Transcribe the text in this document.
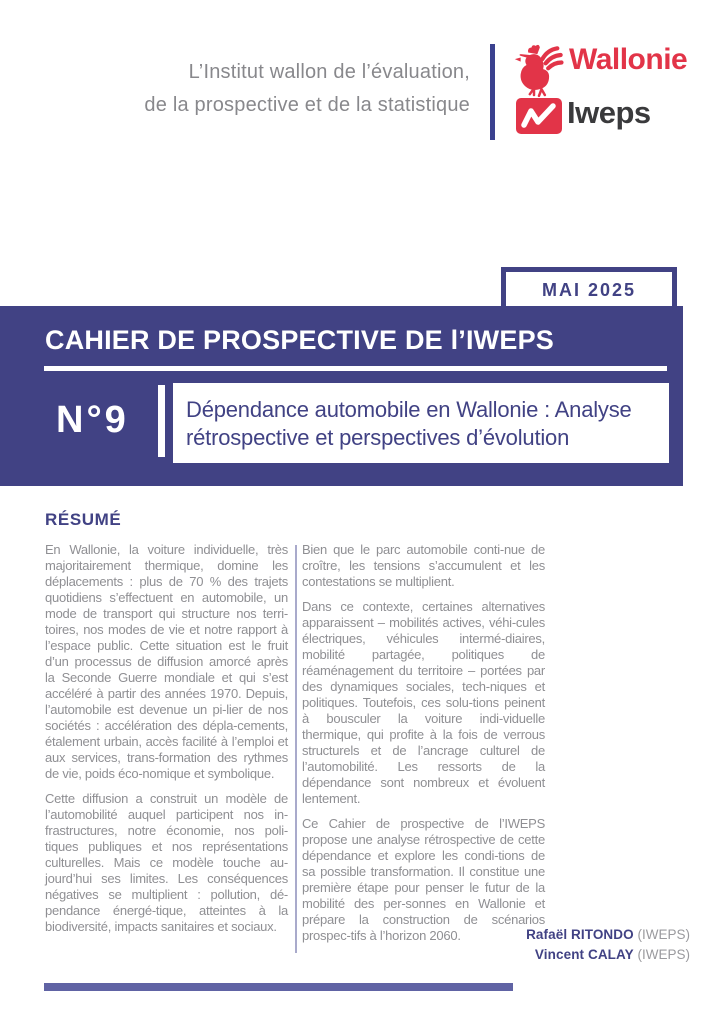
L’Institut wallon de l’évaluation,
de la prospective et de la statistique
Wallonie
Iweps
MAI 2025
CAHIER DE PROSPECTIVE DE l’IWEPS
N°9	Dépendance automobile en Wallonie : Analyse
rétrospective et perspectives d’évolution
RÉSUMÉ

En Wallonie, la voiture individuelle, très majoritairement thermique, domine les déplacements : plus de 70 % des trajets quotidiens s’effectuent en automobile, un mode de transport qui structure nos terri-toires, nos modes de vie et notre rapport à l’espace public. Cette situation est le fruit d’un processus de diffusion amorcé après la Seconde Guerre mondiale et qui s’est accéléré à partir des années 1970. Depuis, l’automobile est devenue un pi-lier de nos sociétés : accélération des dépla-cements, étalement urbain, accès facilité à l’emploi et aux services, trans-formation des rythmes de vie, poids éco-nomique et symbolique.

Cette diffusion a construit un modèle de l’automobilité auquel participent nos in-frastructures, notre économie, nos poli-tiques publiques et nos représentations culturelles. Mais ce modèle touche au-jourd’hui ses limites. Les conséquences négatives se multiplient : pollution, dé-pendance énergé-tique, atteintes à la biodiversité, impacts sanitaires et sociaux.

Bien que le parc automobile conti-nue de croître, les tensions s’accumulent et les contestations se multiplient.

Dans ce contexte, certaines alternatives apparaissent – mobilités actives, véhi-cules électriques, véhicules intermé-diaires, mobilité partagée, politiques de réaménagement du territoire – portées par des dynamiques sociales, tech-niques et politiques. Toutefois, ces solu-tions peinent à bousculer la voiture indi-viduelle thermique, qui profite à la fois de verrous structurels et de l’ancrage culturel de l’automobilité. Les ressorts de la dépendance sont nombreux et évoluent lentement.

Ce Cahier de prospective de l’IWEPS propose une analyse rétrospective de cette dépendance et explore les condi-tions de sa possible transformation. Il constitue une première étape pour penser le futur de la mobilité des per-sonnes en Wallonie et prépare la construction de scénarios prospec-tifs à l’horizon 2060.	Rafaël RITONDO (IWEPS)
Vincent CALAY (IWEPS)
